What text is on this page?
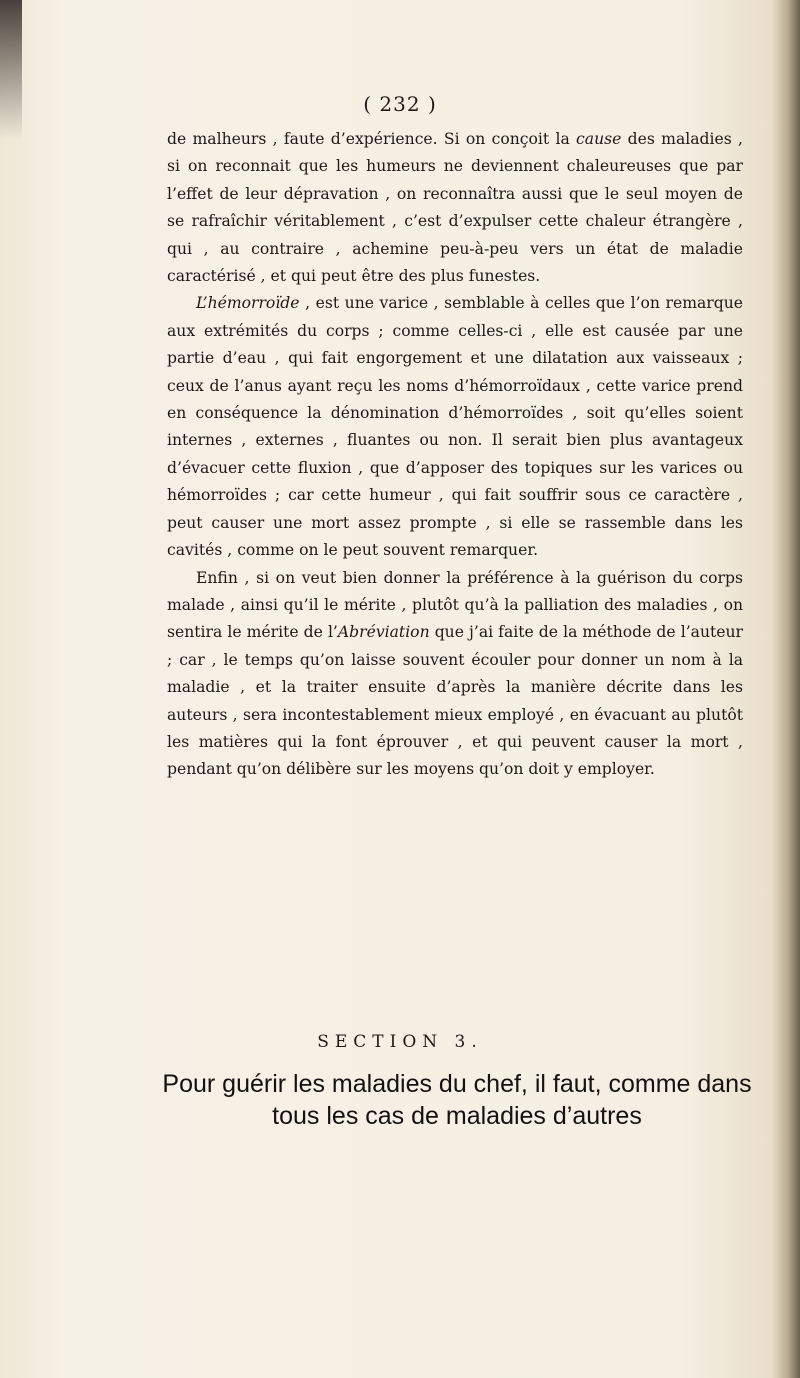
( 232 )

de malheurs , faute d’expérience. Si on conçoit la cause des maladies , si on reconnait que les humeurs ne deviennent chaleureuses que par l’effet de leur dépravation , on reconnaîtra aussi que le seul moyen de se rafraîchir véritablement , c’est d’expulser cette chaleur étrangère , qui , au contraire , achemine peu-à-peu vers un état de maladie caractérisé , et qui peut être des plus funestes.

L’hémorroïde , est une varice , semblable à celles que l’on remarque aux extrémités du corps ; comme celles-ci , elle est causée par une partie d’eau , qui fait engorgement et une dilatation aux vaisseaux ; ceux de l’anus ayant reçu les noms d’hémorroïdaux , cette varice prend en conséquence la dénomination d’hémorroïdes , soit qu’elles soient internes , externes , fluantes ou non. Il serait bien plus avantageux d’évacuer cette fluxion , que d’apposer des topiques sur les varices ou hémorroïdes ; car cette humeur , qui fait souffrir sous ce caractère , peut causer une mort assez prompte , si elle se rassemble dans les cavités , comme on le peut souvent remarquer.

Enfin , si on veut bien donner la préférence à la guérison du corps malade , ainsi qu’il le mérite , plutôt qu’à la palliation des maladies , on sentira le mérite de l’Abréviation que j’ai faite de la méthode de l’auteur ; car , le temps qu’on laisse souvent écouler pour donner un nom à la maladie , et la traiter ensuite d’après la manière décrite dans les auteurs , sera incontestablement mieux employé , en évacuant au plutôt les matières qui la font éprouver , et qui peuvent causer la mort , pendant qu’on délibère sur les moyens qu’on doit y employer.

SECTION 3.
Pour guérir les maladies du chef, il faut, comme dans tous les cas de maladies d’autres
